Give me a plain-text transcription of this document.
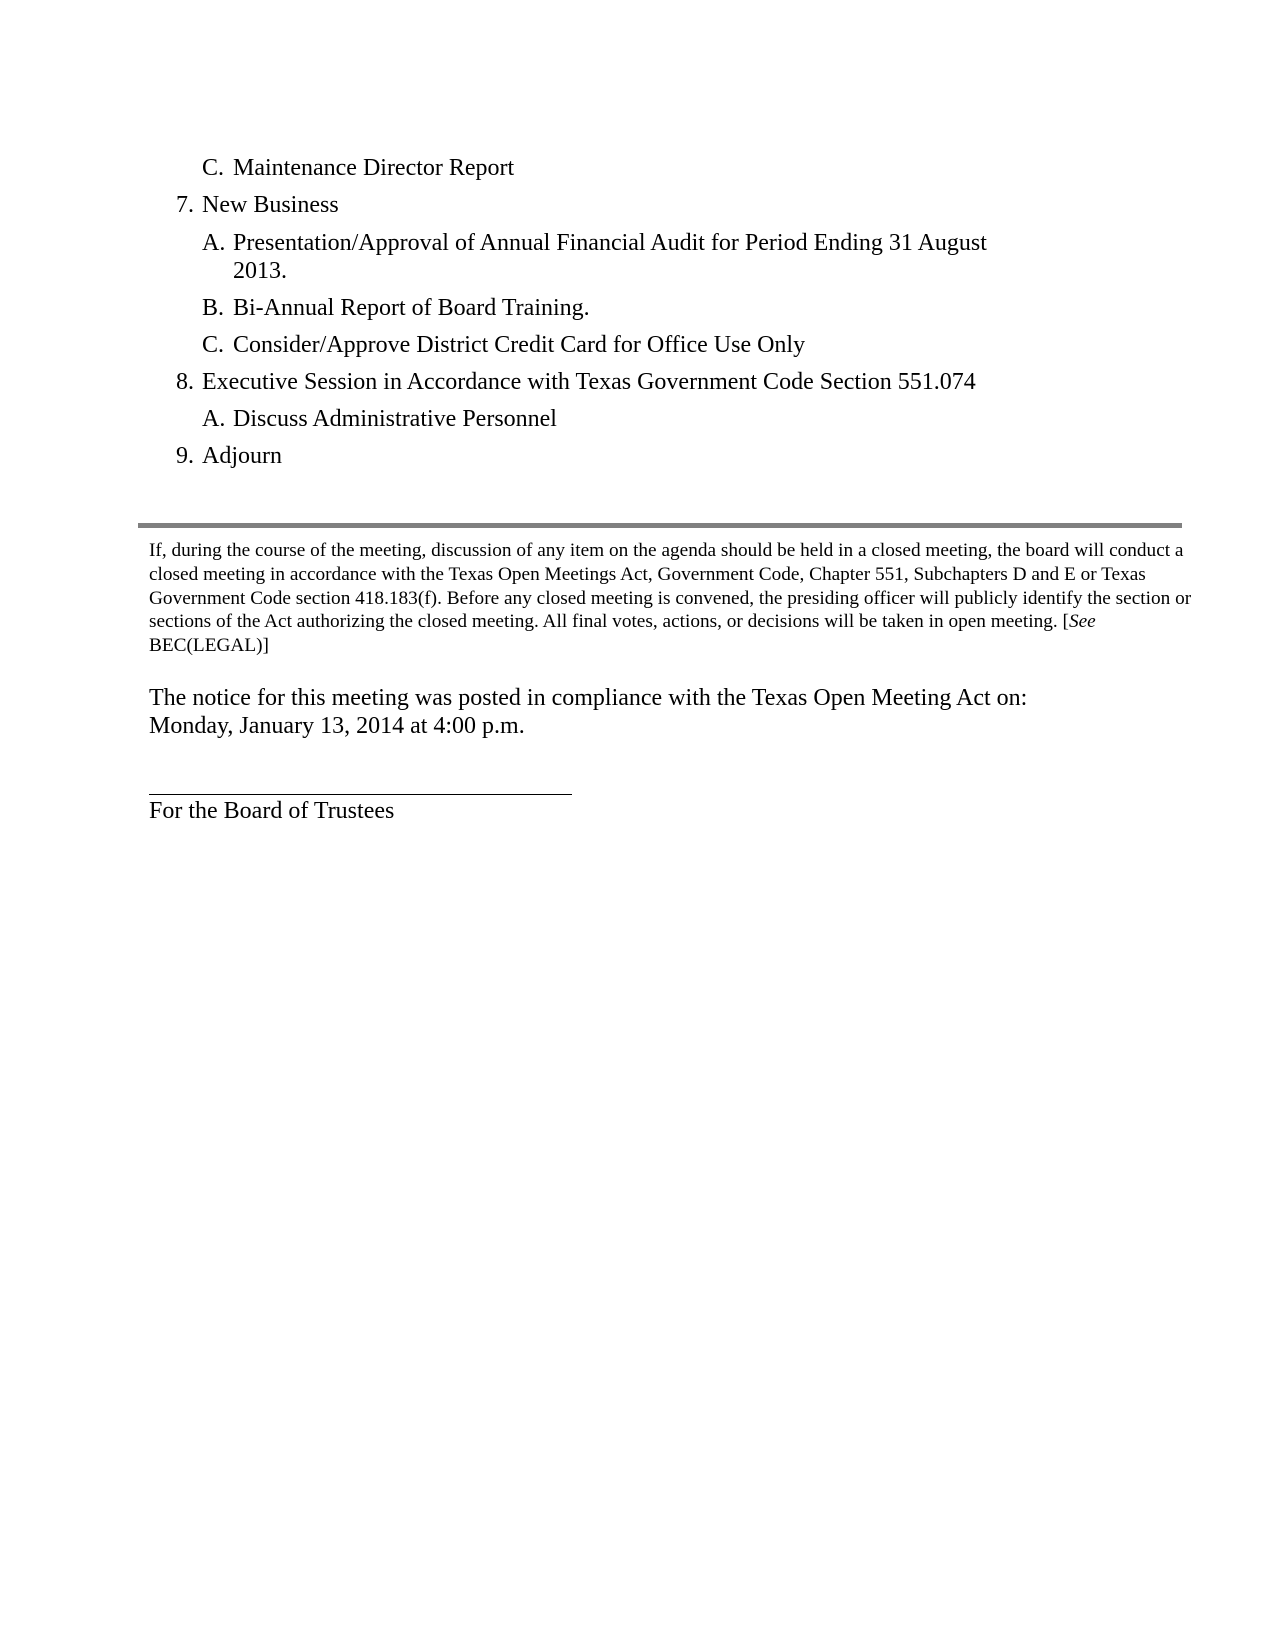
C. Maintenance Director Report
7. New Business
A. Presentation/Approval of Annual Financial Audit for Period Ending 31 August
2013.
B. Bi-Annual Report of Board Training.
C. Consider/Approve District Credit Card for Office Use Only
8. Executive Session in Accordance with Texas Government Code Section 551.074
A. Discuss Administrative Personnel
9. Adjourn
If, during the course of the meeting, discussion of any item on the agenda should be held in a closed meeting, the board will conduct a closed meeting in accordance with the Texas Open Meetings Act, Government Code, Chapter 551, Subchapters D and E or Texas Government Code section 418.183(f). Before any closed meeting is convened, the presiding officer will publicly identify the section or sections of the Act authorizing the closed meeting. All final votes, actions, or decisions will be taken in open meeting. [See BEC(LEGAL)]
The notice for this meeting was posted in compliance with the Texas Open Meeting Act on:
Monday, January 13, 2014 at 4:00 p.m.
For the Board of Trustees
